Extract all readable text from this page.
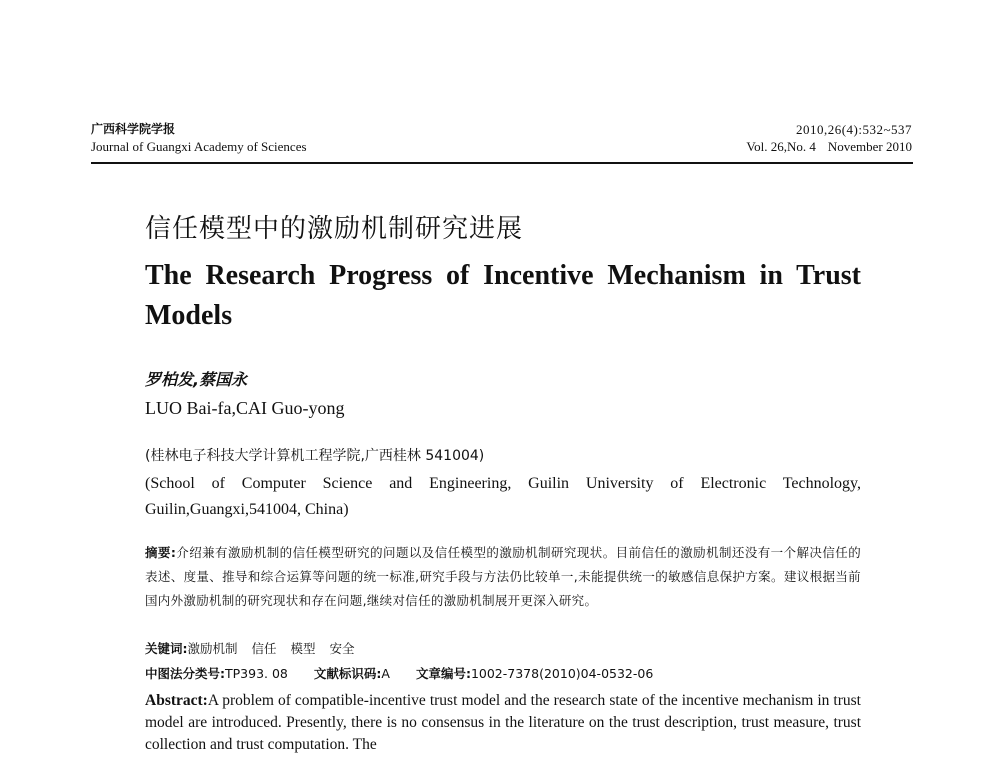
广西科学院学报
Journal of Guangxi Academy of Sciences
2010,26(4):532~537
Vol. 26,No. 4 November 2010
信任模型中的激励机制研究进展
The Research Progress of Incentive Mechanism in Trust Models
罗柏发,蔡国永
LUO Bai-fa,CAI Guo-yong
(桂林电子科技大学计算机工程学院,广西桂林 541004)
(School of Computer Science and Engineering, Guilin University of Electronic Technology, Guilin,Guangxi,541004, China)
摘要:介绍兼有激励机制的信任模型研究的问题以及信任模型的激励机制研究现状。目前信任的激励机制还没有一个解决信任的表述、度量、推导和综合运算等问题的统一标准,研究手段与方法仍比较单一,未能提供统一的敏感信息保护方案。建议根据当前国内外激励机制的研究现状和存在问题,继续对信任的激励机制展开更深入研究。
关键词:激励机制 信任 模型 安全
中图法分类号:TP393. 08 文献标识码:A 文章编号:1002-7378(2010)04-0532-06
Abstract:A problem of compatible-incentive trust model and the research state of the incentive mechanism in trust model are introduced. Presently, there is no consensus in the literature on the trust description, trust measure, trust collection and trust computation. The
